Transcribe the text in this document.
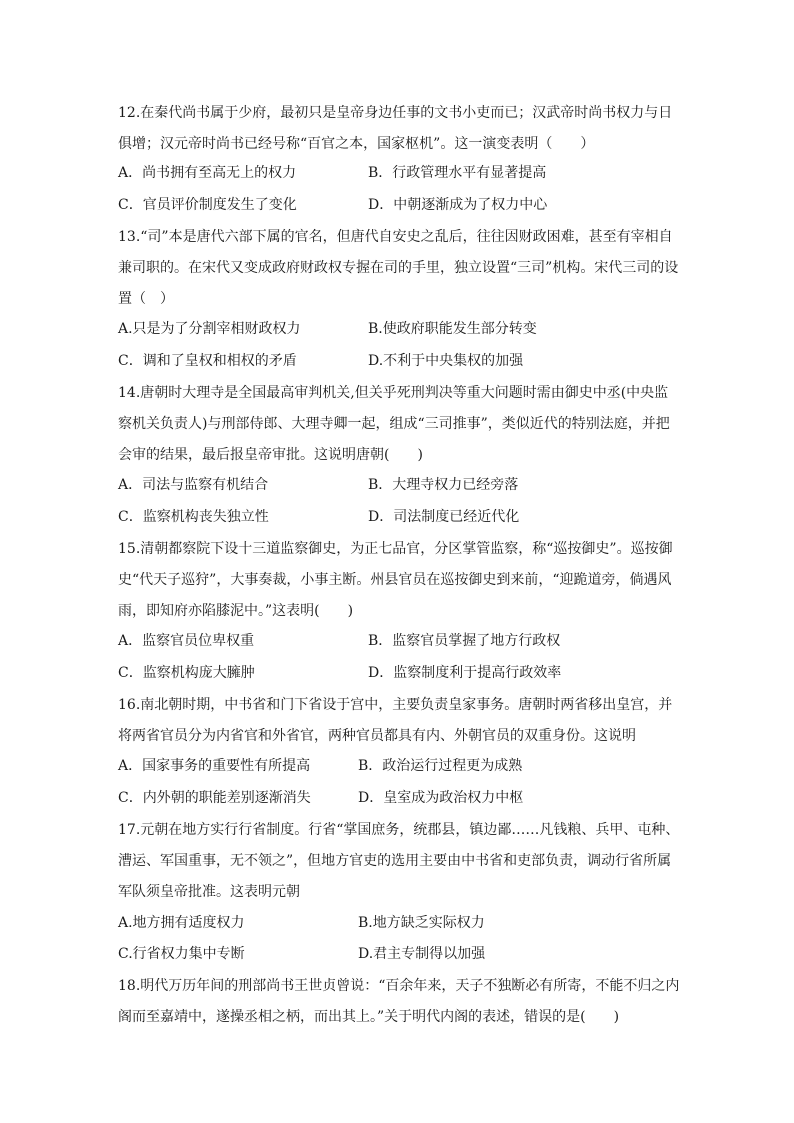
12.在秦代尚书属于少府，最初只是皇帝身边任事的文书小吏而已；汉武帝时尚书权力与日俱增；汉元帝时尚书已经号称“百官之本，国家枢机”。这一演变表明（　　）

A．尚书拥有至高无上的权力	B．行政管理水平有显著提高
C．官员评价制度发生了变化	D．中朝逐渐成为了权力中心

13.“司”本是唐代六部下属的官名，但唐代自安史之乱后，往往因财政困难，甚至有宰相自兼司职的。在宋代又变成政府财政权专握在司的手里，独立设置“三司”机构。宋代三司的设置（　）

A.只是为了分割宰相财政权力	B.使政府职能发生部分转变
C．调和了皇权和相权的矛盾	D.不利于中央集权的加强

14.唐朝时大理寺是全国最高审判机关,但关乎死刑判决等重大问题时需由御史中丞(中央监察机关负责人)与刑部侍郎、大理寺卿一起，组成“三司推事”，类似近代的特别法庭，并把会审的结果，最后报皇帝审批。这说明唐朝(　　)

A．司法与监察有机结合	B．大理寺权力已经旁落
C．监察机构丧失独立性	D．司法制度已经近代化

15.清朝都察院下设十三道监察御史，为正七品官，分区掌管监察，称“巡按御史”。巡按御史“代天子巡狩”，大事奏裁，小事主断。州县官员在巡按御史到来前，“迎跪道旁，倘遇风雨，即知府亦陷膝泥中。”这表明(　　)

A．监察官员位卑权重	B．监察官员掌握了地方行政权
C．监察机构庞大臃肿	D．监察制度利于提高行政效率

16.南北朝时期，中书省和门下省设于宫中，主要负责皇家事务。唐朝时两省移出皇宫，并将两省官员分为内省官和外省官，两种官员都具有内、外朝官员的双重身份。这说明

A．国家事务的重要性有所提高	B．政治运行过程更为成熟
C．内外朝的职能差别逐渐消失	D．皇室成为政治权力中枢

17.元朝在地方实行行省制度。行省“掌国庶务，统郡县，镇边鄙……凡钱粮、兵甲、屯种、漕运、军国重事，无不领之”，但地方官吏的选用主要由中书省和吏部负责，调动行省所属军队须皇帝批准。这表明元朝

A.地方拥有适度权力	B.地方缺乏实际权力
C.行省权力集中专断	D.君主专制得以加强

18.明代万历年间的刑部尚书王世贞曾说：“百余年来，天子不独断必有所寄，不能不归之内阁而至嘉靖中，遂操丞相之柄，而出其上。”关于明代内阁的表述，错误的是(　　)
